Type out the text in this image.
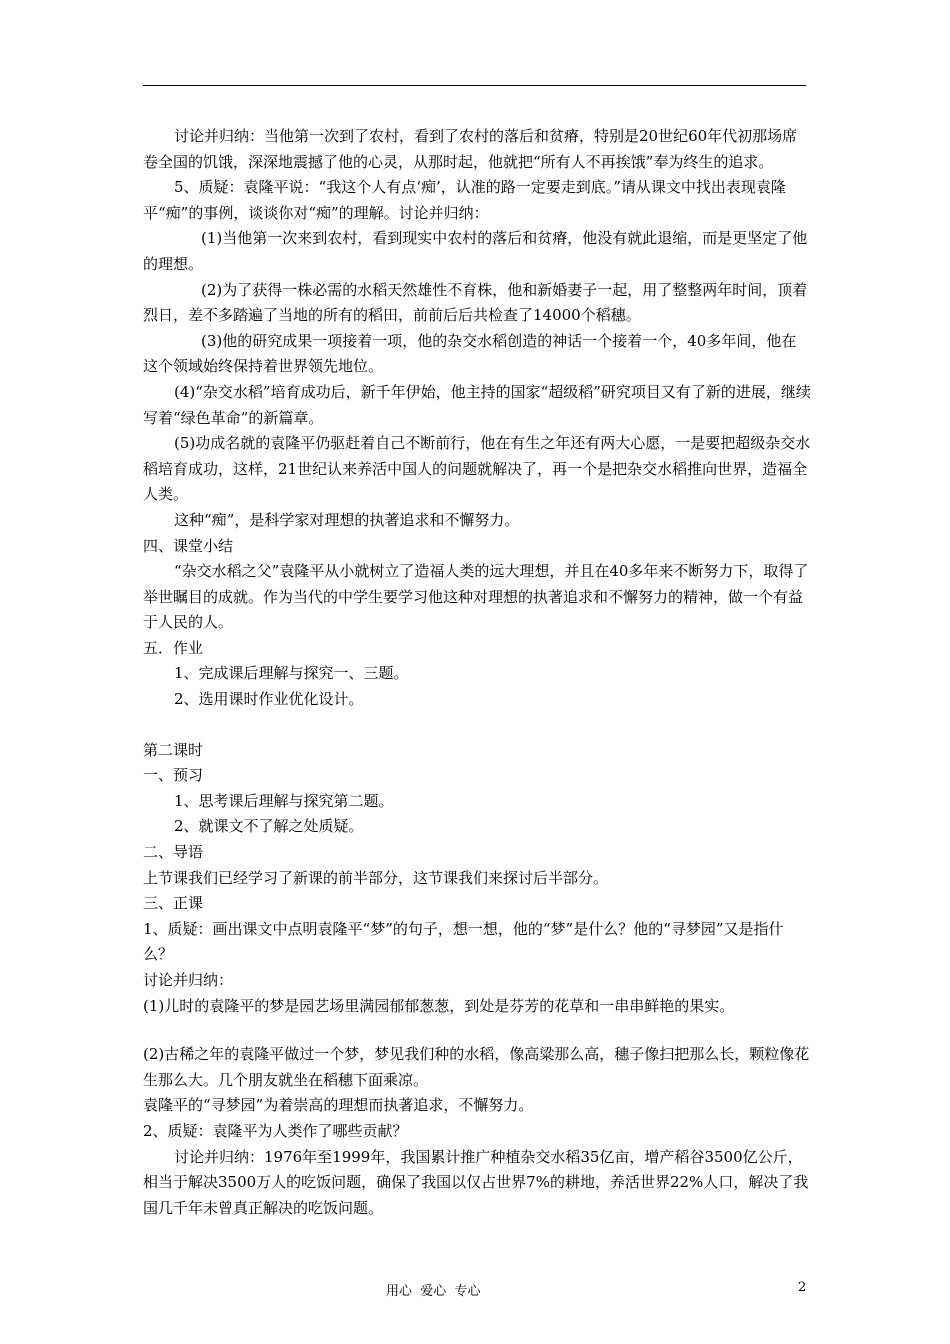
讨论并归纳：当他第一次到了农村，看到了农村的落后和贫瘠，特别是20世纪60年代初那场席卷全国的饥饿，深深地震撼了他的心灵，从那时起，他就把“所有人不再挨饿”奉为终生的追求。

5、质疑：袁隆平说：“我这个人有点‘痴’，认准的路一定要走到底。”请从课文中找出表现袁隆平“痴”的事例，谈谈你对“痴”的理解。讨论并归纳：

(1)当他第一次来到农村，看到现实中农村的落后和贫瘠，他没有就此退缩，而是更坚定了他的理想。

(2)为了获得一株必需的水稻天然雄性不育株，他和新婚妻子一起，用了整整两年时间，顶着烈日，差不多踏遍了当地的所有的稻田，前前后后共检查了14000个稻穗。

(3)他的研究成果一项接着一项，他的杂交水稻创造的神话一个接着一个，40多年间，他在这个领域始终保持着世界领先地位。

(4)“杂交水稻”培育成功后，新千年伊始，他主持的国家“超级稻”研究项目又有了新的进展，继续写着“绿色革命”的新篇章。

(5)功成名就的袁隆平仍驱赶着自己不断前行，他在有生之年还有两大心愿，一是要把超级杂交水稻培育成功，这样，21世纪认来养活中国人的问题就解决了，再一个是把杂交水稻推向世界，造福全人类。

这种“痴”，是科学家对理想的执著追求和不懈努力。

四、课堂小结

“杂交水稻之父”袁隆平从小就树立了造福人类的远大理想，并且在40多年来不断努力下，取得了举世瞩目的成就。作为当代的中学生要学习他这种对理想的执著追求和不懈努力的精神，做一个有益于人民的人。

五．作业

1、完成课后理解与探究一、三题。

2、选用课时作业优化设计。

第二课时

一、预习

1、思考课后理解与探究第二题。

2、就课文不了解之处质疑。

二、导语

上节课我们已经学习了新课的前半部分，这节课我们来探讨后半部分。

三、正课

1、质疑：画出课文中点明袁隆平“梦”的句子，想一想，他的“梦”是什么？他的“寻梦园”又是指什么？

讨论并归纳：

(1)儿时的袁隆平的梦是园艺场里满园郁郁葱葱，到处是芬芳的花草和一串串鲜艳的果实。

(2)古稀之年的袁隆平做过一个梦，梦见我们种的水稻，像高粱那么高，穗子像扫把那么长，颗粒像花生那么大。几个朋友就坐在稻穗下面乘凉。

袁隆平的“寻梦园”为着崇高的理想而执著追求，不懈努力。

2、质疑：袁隆平为人类作了哪些贡献？

讨论并归纳：1976年至1999年，我国累计推广种植杂交水稻35亿亩，增产稻谷3500亿公斤，相当于解决3500万人的吃饭问题，确保了我国以仅占世界7%的耕地，养活世界22%人口，解决了我国几千年未曾真正解决的吃饭问题。

用心  爱心  专心	2
